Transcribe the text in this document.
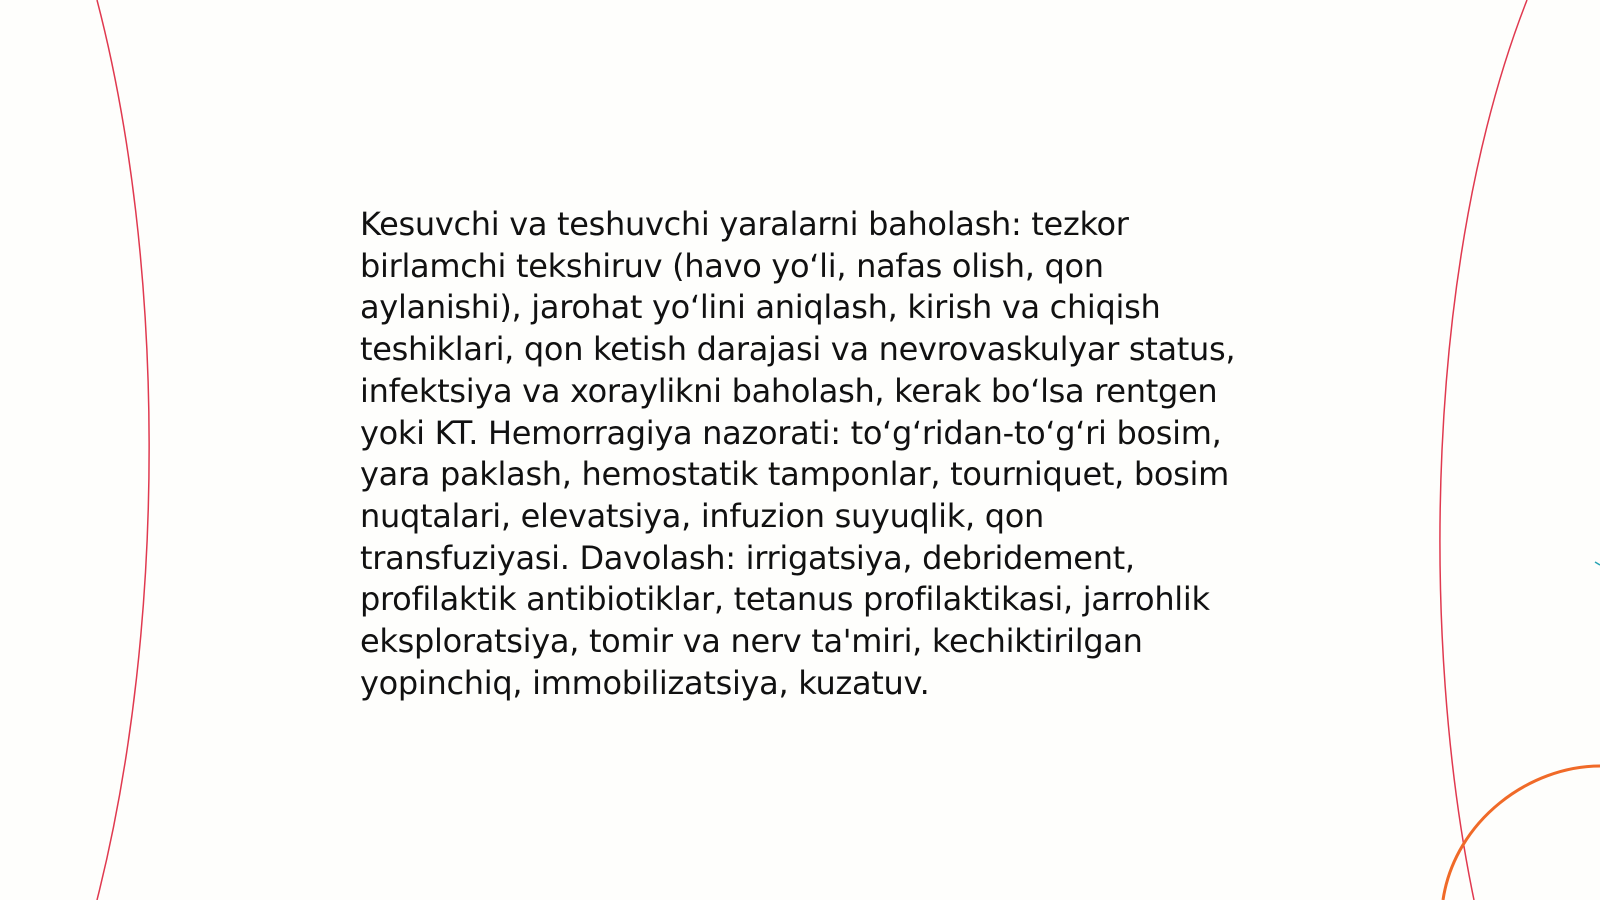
Kesuvchi va teshuvchi yaralarni baholash: tezkor birlamchi tekshiruv (havo yo‘li, nafas olish, qon aylanishi), jarohat yo‘lini aniqlash, kirish va chiqish teshiklari, qon ketish darajasi va nevrovaskulyar status, infektsiya va xoraylikni baholash, kerak bo‘lsa rentgen yoki KT. Hemorragiya nazorati: to‘g‘ridan-to‘g‘ri bosim, yara paklash, hemostatik tamponlar, tourniquet, bosim nuqtalari, elevatsiya, infuzion suyuqlik, qon transfuziyasi. Davolash: irrigatsiya, debridement, profilaktik antibiotiklar, tetanus profilaktikasi, jarrohlik eksploratsiya, tomir va nerv ta'miri, kechiktirilgan yopinchiq, immobilizatsiya, kuzatuv.
